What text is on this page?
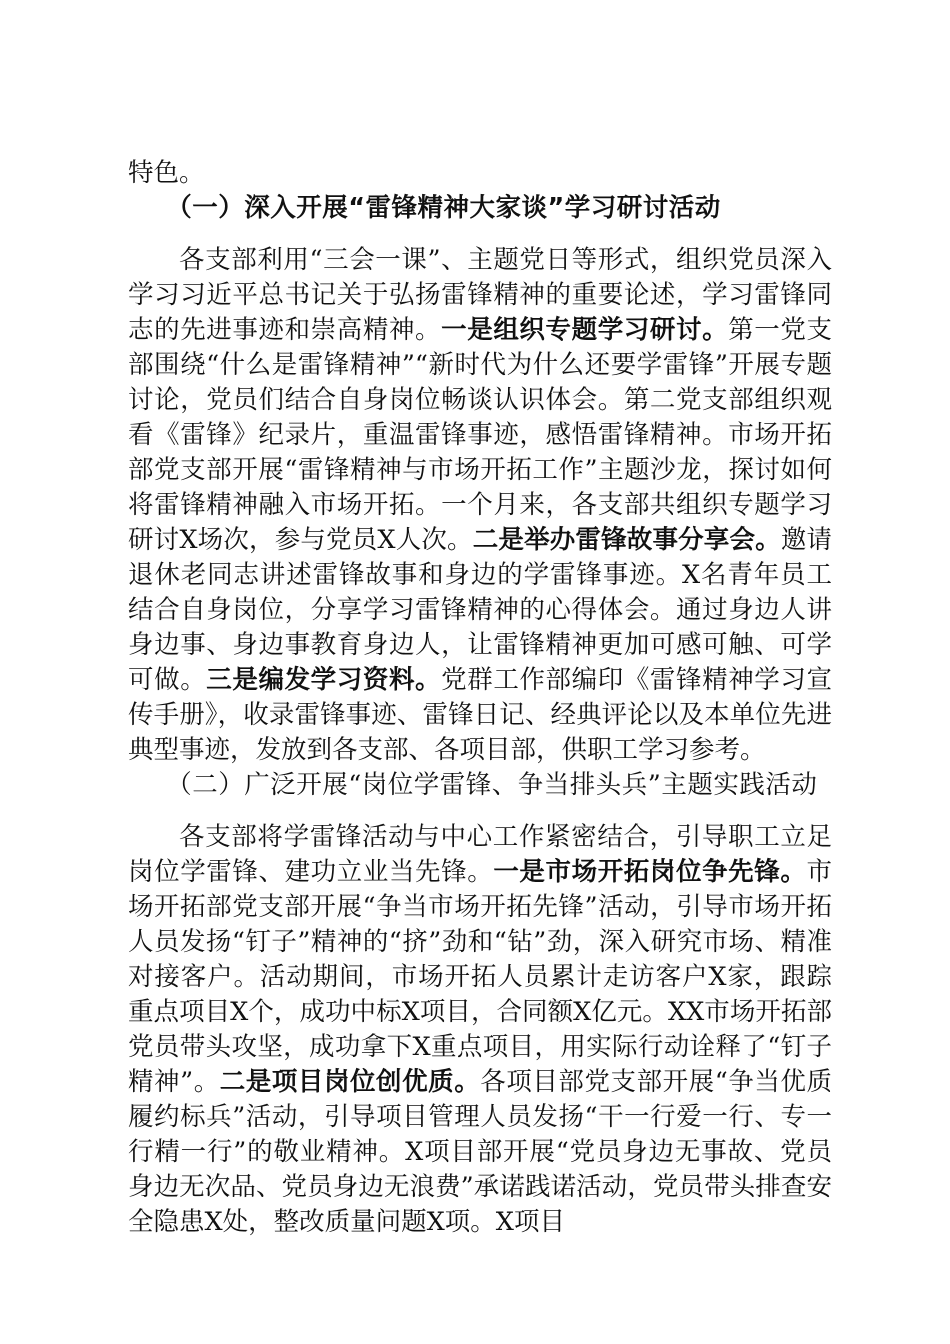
特色。

（一）深入开展“雷锋精神大家谈”学习研讨活动

各支部利用“三会一课”、主题党日等形式，组织党员深入学习习近平总书记关于弘扬雷锋精神的重要论述，学习雷锋同志的先进事迹和崇高精神。一是组织专题学习研讨。第一党支部围绕“什么是雷锋精神”“新时代为什么还要学雷锋”开展专题讨论，党员们结合自身岗位畅谈认识体会。第二党支部组织观看《雷锋》纪录片，重温雷锋事迹，感悟雷锋精神。市场开拓部党支部开展“雷锋精神与市场开拓工作”主题沙龙，探讨如何将雷锋精神融入市场开拓。一个月来，各支部共组织专题学习研讨X场次，参与党员X人次。二是举办雷锋故事分享会。邀请退休老同志讲述雷锋故事和身边的学雷锋事迹。X名青年员工结合自身岗位，分享学习雷锋精神的心得体会。通过身边人讲身边事、身边事教育身边人，让雷锋精神更加可感可触、可学可做。三是编发学习资料。党群工作部编印《雷锋精神学习宣传手册》，收录雷锋事迹、雷锋日记、经典评论以及本单位先进典型事迹，发放到各支部、各项目部，供职工学习参考。

（二）广泛开展“岗位学雷锋、争当排头兵”主题实践活动

各支部将学雷锋活动与中心工作紧密结合，引导职工立足岗位学雷锋、建功立业当先锋。一是市场开拓岗位争先锋。市场开拓部党支部开展“争当市场开拓先锋”活动，引导市场开拓人员发扬“钉子”精神的“挤”劲和“钻”劲，深入研究市场、精准对接客户。活动期间，市场开拓人员累计走访客户X家，跟踪重点项目X个，成功中标X项目，合同额X亿元。XX市场开拓部党员带头攻坚，成功拿下X重点项目，用实际行动诠释了“钉子精神”。二是项目岗位创优质。各项目部党支部开展“争当优质履约标兵”活动，引导项目管理人员发扬“干一行爱一行、专一行精一行”的敬业精神。X项目部开展“党员身边无事故、党员身边无次品、党员身边无浪费”承诺践诺活动，党员带头排查安全隐患X处，整改质量问题X项。X项目
